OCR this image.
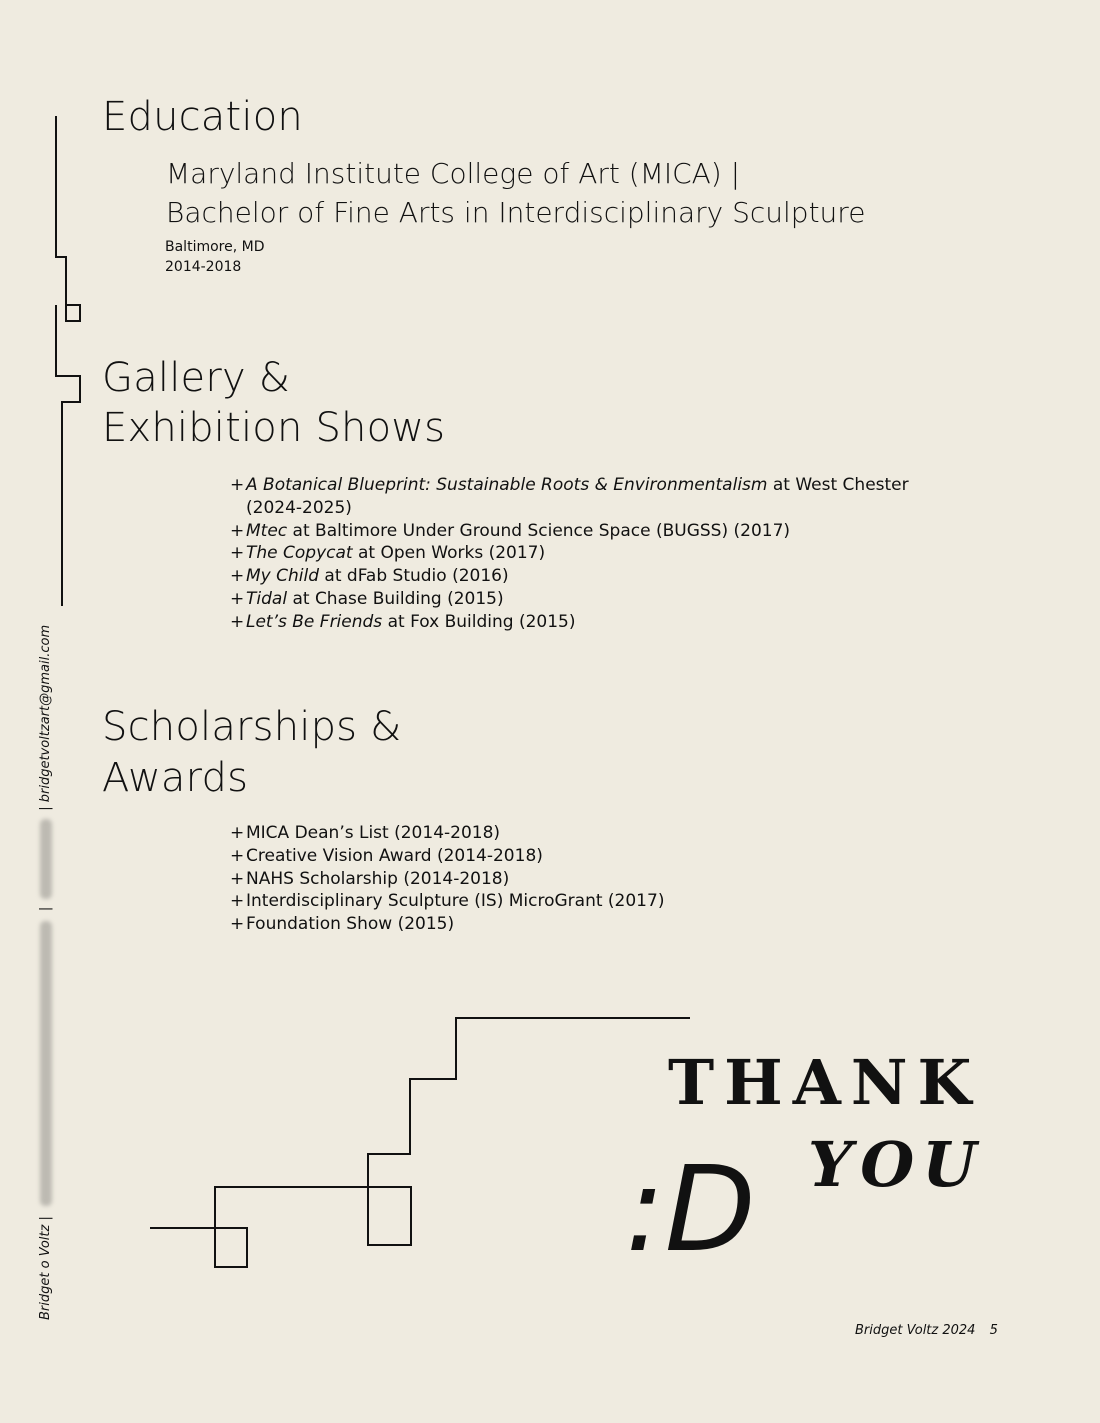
Bridget o Voltz |
|
| bridgetvoltzart@gmail.com
Education
Maryland Institute College of Art (MICA) |
Bachelor of Fine Arts in Interdisciplinary Sculpture
Baltimore, MD
2014-2018
Gallery &
Exhibition Shows
+ A Botanical Blueprint: Sustainable Roots & Environmentalism at West Chester
(2024-2025)
+ Mtec at Baltimore Under Ground Science Space (BUGSS) (2017)
+ The Copycat at Open Works (2017)
+ My Child at dFab Studio (2016)
+ Tidal at Chase Building (2015)
+ Let’s Be Friends at Fox Building (2015)
Scholarships &
Awards
+ MICA Dean’s List (2014-2018)
+ Creative Vision Award (2014-2018)
+ NAHS Scholarship (2014-2018)
+ Interdisciplinary Sculpture (IS) MicroGrant (2017)
+ Foundation Show (2015)
THANK
YOU
:D
Bridget Voltz 2024 5
